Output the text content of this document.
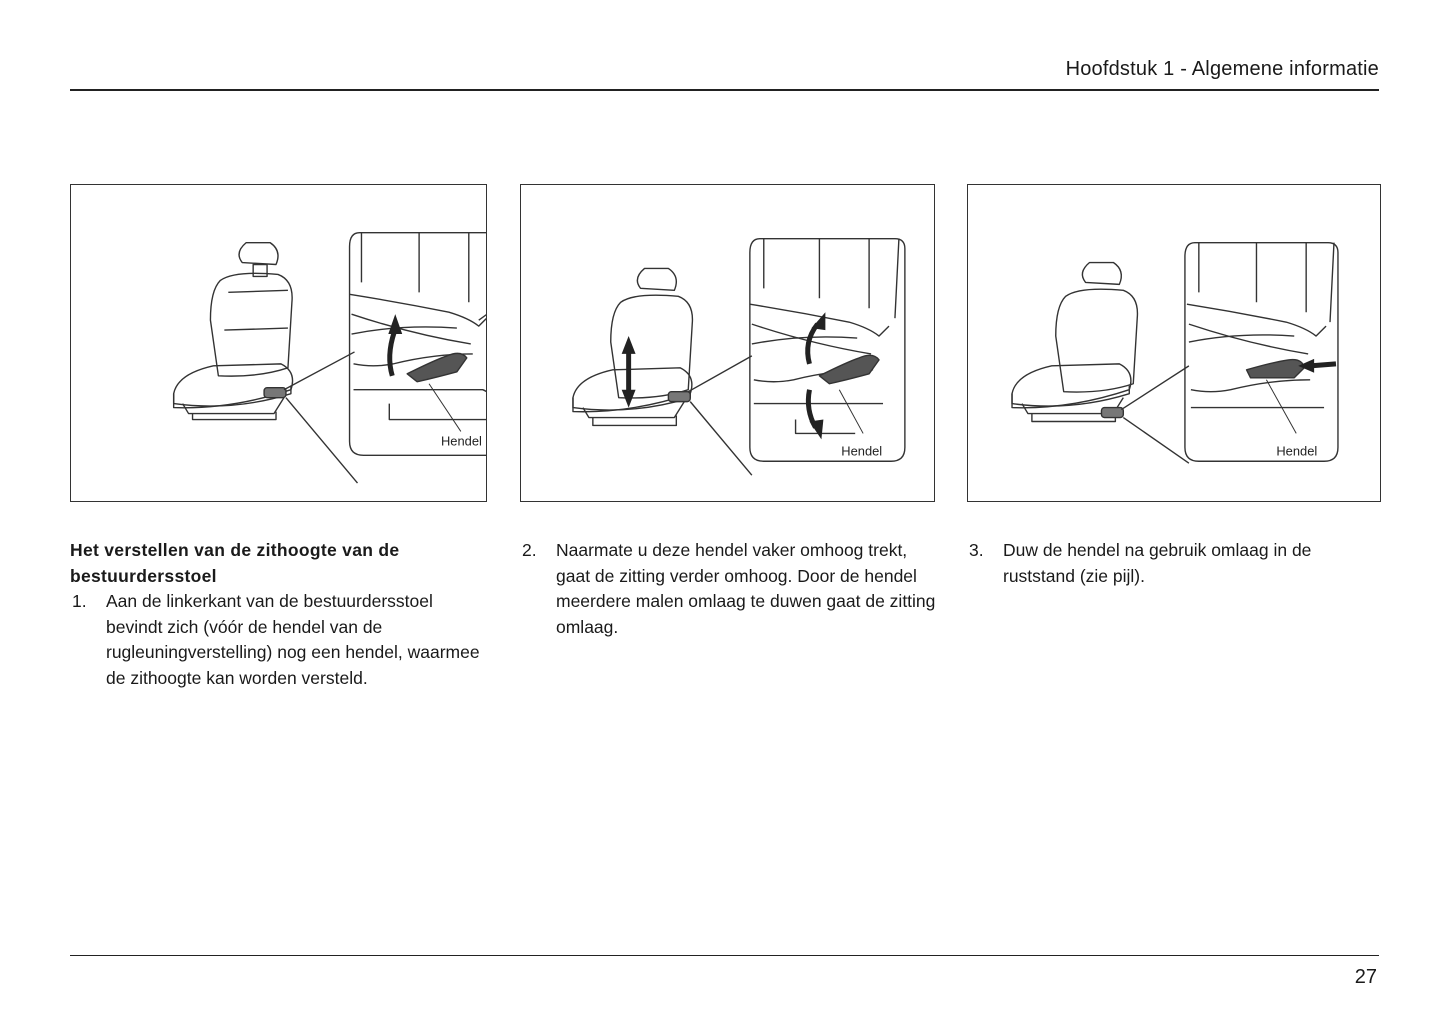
Hoofdstuk 1 - Algemene informatie
Hendel
Hendel	Hendel
Het verstellen van de zithoogte van de bestuurdersstoel
1. Aan de linkerkant van de bestuurdersstoel bevindt zich (vóór de hendel van de rugleuningverstelling) nog een hendel, waarmee de zithoogte kan worden versteld.
2. Naarmate u deze hendel vaker omhoog trekt, gaat de zitting verder omhoog. Door de hendel meerdere malen omlaag te duwen gaat de zitting omlaag.
3. Duw de hendel na gebruik omlaag in de ruststand (zie pijl).
27
